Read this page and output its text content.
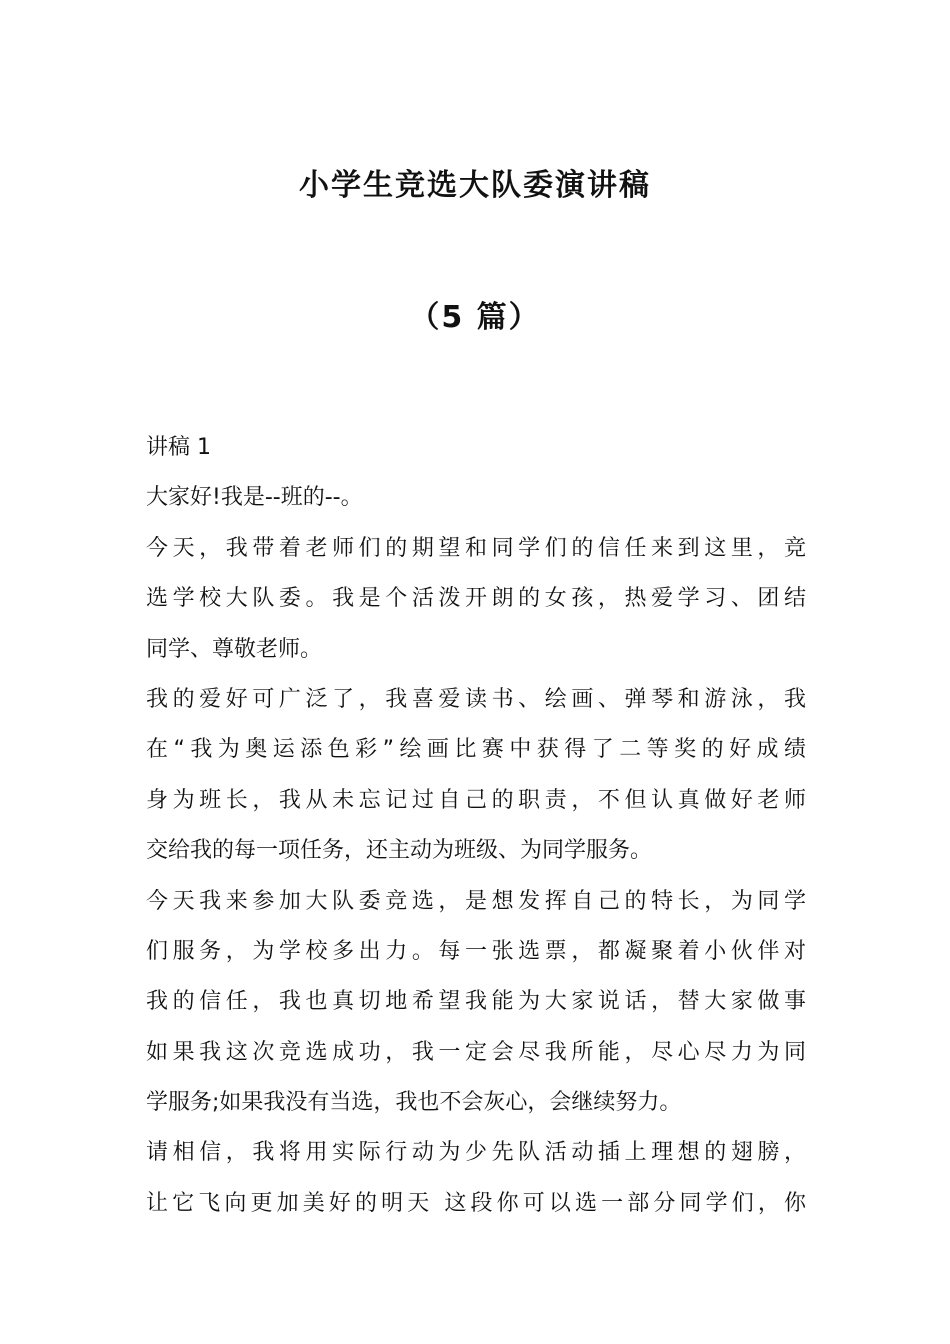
小学生竞选大队委演讲稿
（5 篇）
讲稿 1
大家好!我是--班的--。
今天，我带着老师们的期望和同学们的信任来到这里，竞
选学校大队委。我是个活泼开朗的女孩，热爱学习、团结
同学、尊敬老师。
我的爱好可广泛了，我喜爱读书、绘画、弹琴和游泳，我
在“我为奥运添色彩”绘画比赛中获得了二等奖的好成绩
身为班长，我从未忘记过自己的职责，不但认真做好老师
交给我的每一项任务，还主动为班级、为同学服务。
今天我来参加大队委竞选，是想发挥自己的特长，为同学
们服务，为学校多出力。每一张选票，都凝聚着小伙伴对
我的信任，我也真切地希望我能为大家说话，替大家做事
如果我这次竞选成功，我一定会尽我所能，尽心尽力为同
学服务;如果我没有当选，我也不会灰心，会继续努力。
请相信，我将用实际行动为少先队活动插上理想的翅膀，
让它飞向更加美好的明天 这段你可以选一部分同学们，你
